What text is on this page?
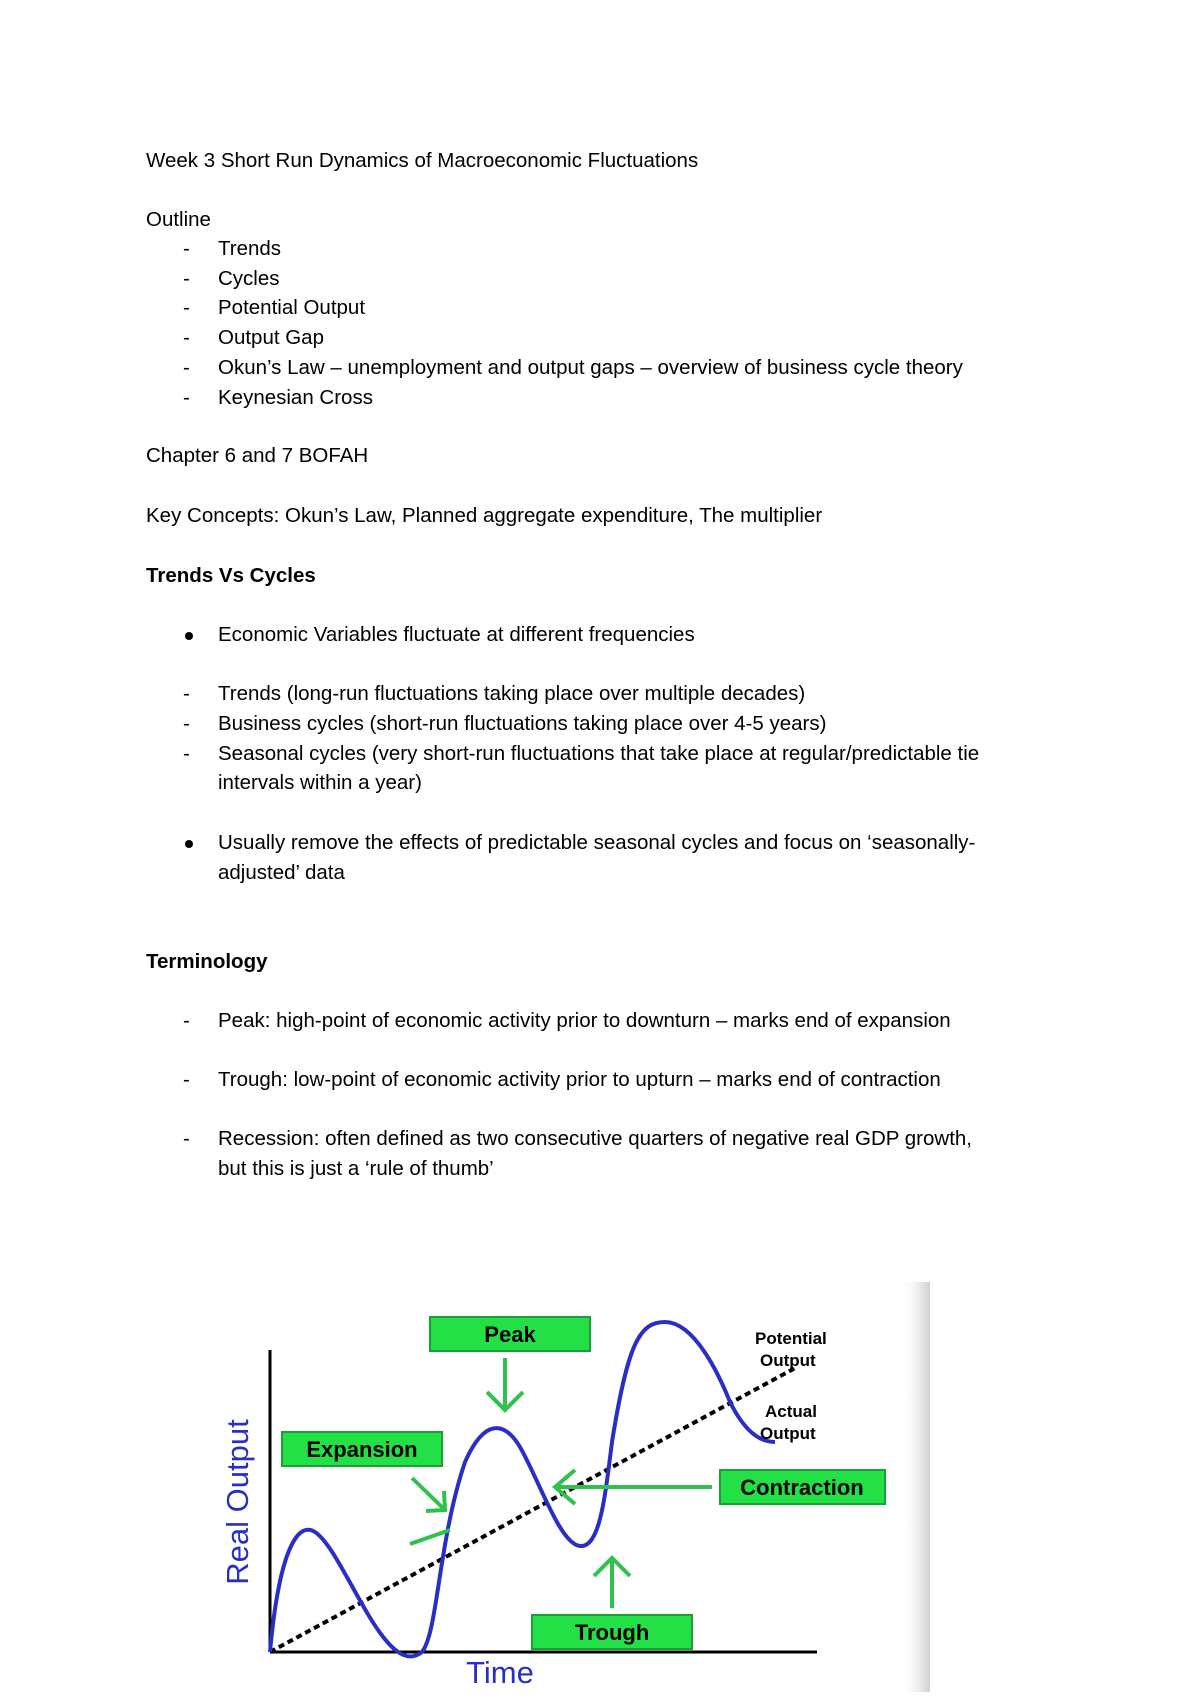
Week 3 Short Run Dynamics of Macroeconomic Fluctuations
Outline
- Trends
- Cycles
- Potential Output
- Output Gap
- Okun’s Law – unemployment and output gaps – overview of business cycle theory
- Keynesian Cross
Chapter 6 and 7 BOFAH
Key Concepts: Okun’s Law, Planned aggregate expenditure, The multiplier
Trends Vs Cycles
Economic Variables fluctuate at different frequencies
- Trends (long-run fluctuations taking place over multiple decades)
- Business cycles (short-run fluctuations taking place over 4-5 years)
- Seasonal cycles (very short-run fluctuations that take place at regular/predictable tie
intervals within a year)
Usually remove the effects of predictable seasonal cycles and focus on ‘seasonally-
adjusted’ data
Terminology
- Peak: high-point of economic activity prior to downturn – marks end of expansion
- Trough: low-point of economic activity prior to upturn – marks end of contraction
- Recession: often defined as two consecutive quarters of negative real GDP growth,
but this is just a ‘rule of thumb’
Real Output
Time
Peak
Expansion
Contraction
Trough
Potential Output
Actual Output
